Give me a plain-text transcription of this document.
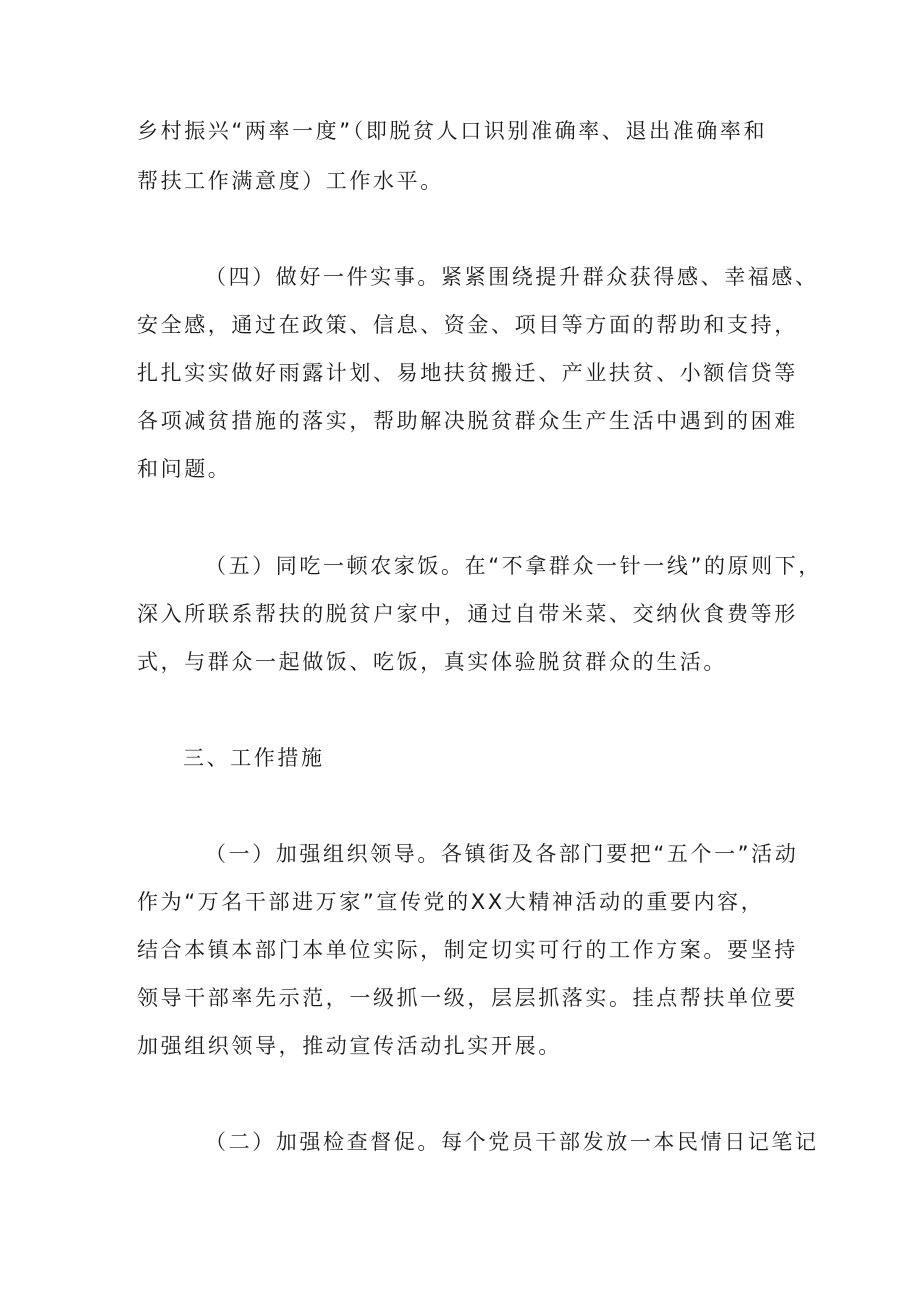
乡村振兴“两率一度”（即脱贫人口识别准确率、退出准确率和
帮扶工作满意度）工作水平。
（四）做好一件实事。紧紧围绕提升群众获得感、幸福感、
安全感，通过在政策、信息、资金、项目等方面的帮助和支持，
扎扎实实做好雨露计划、易地扶贫搬迁、产业扶贫、小额信贷等
各项减贫措施的落实，帮助解决脱贫群众生产生活中遇到的困难
和问题。
（五）同吃一顿农家饭。在“不拿群众一针一线”的原则下，
深入所联系帮扶的脱贫户家中，通过自带米菜、交纳伙食费等形
式，与群众一起做饭、吃饭，真实体验脱贫群众的生活。
三、工作措施
（一）加强组织领导。各镇街及各部门要把“五个一”活动
作为“万名干部进万家”宣传党的XX大精神活动的重要内容，
结合本镇本部门本单位实际，制定切实可行的工作方案。要坚持
领导干部率先示范，一级抓一级，层层抓落实。挂点帮扶单位要
加强组织领导，推动宣传活动扎实开展。
（二）加强检查督促。每个党员干部发放一本民情日记笔记
